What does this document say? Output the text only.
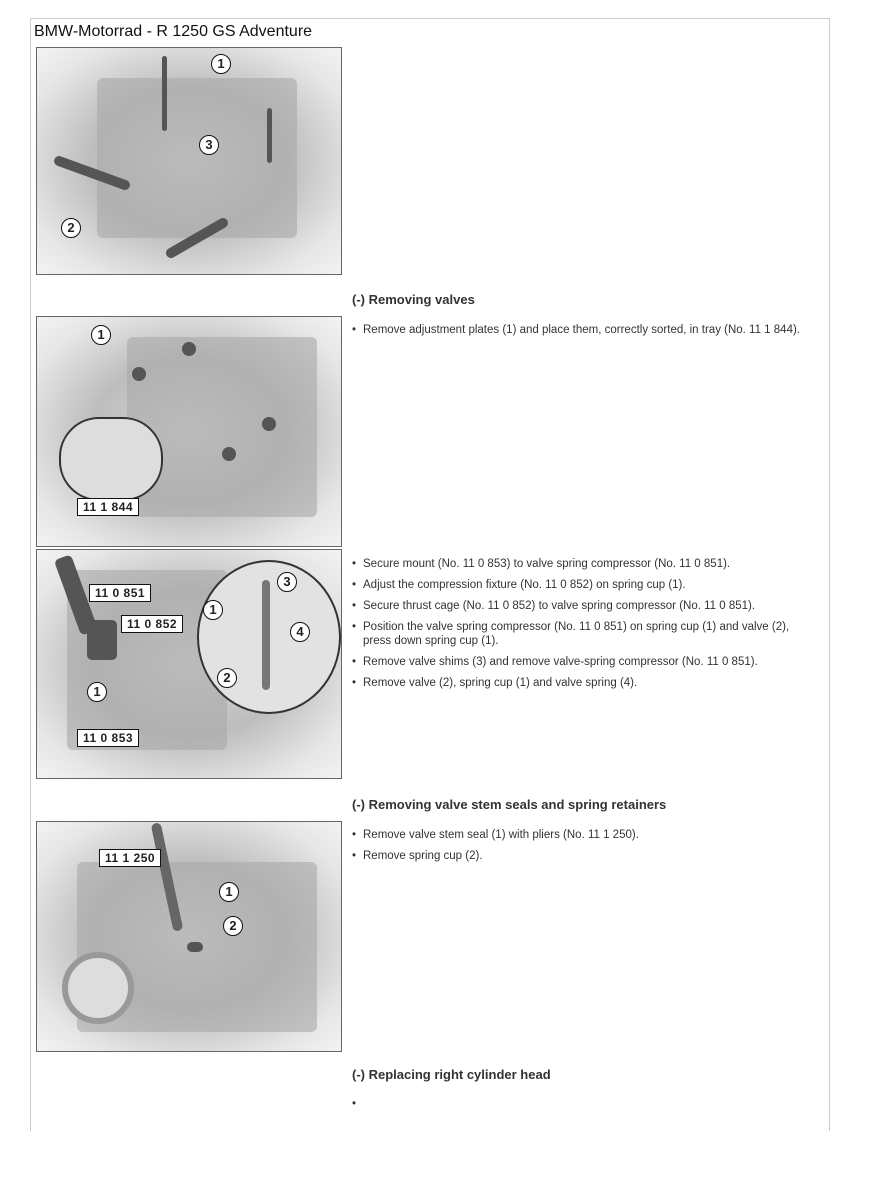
BMW-Motorrad - R 1250 GS Adventure
1
2
3
(-) Removing valves
• Remove adjustment plates (1) and place them, correctly sorted, in tray (No. 11 1 844).
1
11 1 844
11 0 851
11 0 852
11 0 853
1
2
3
4
1
• Secure mount (No. 11 0 853) to valve spring compressor (No. 11 0 851).
• Adjust the compression fixture (No. 11 0 852) on spring cup (1).
• Secure thrust cage (No. 11 0 852) to valve spring compressor (No. 11 0 851).
• Position the valve spring compressor (No. 11 0 851) on spring cup (1) and valve (2), press down spring cup (1).
• Remove valve shims (3) and remove valve-spring compressor (No. 11 0 851).
• Remove valve (2), spring cup (1) and valve spring (4).
(-) Removing valve stem seals and spring retainers
• Remove valve stem seal (1) with pliers (No. 11 1 250).
• Remove spring cup (2).
11 1 250
1
2
(-) Replacing right cylinder head
